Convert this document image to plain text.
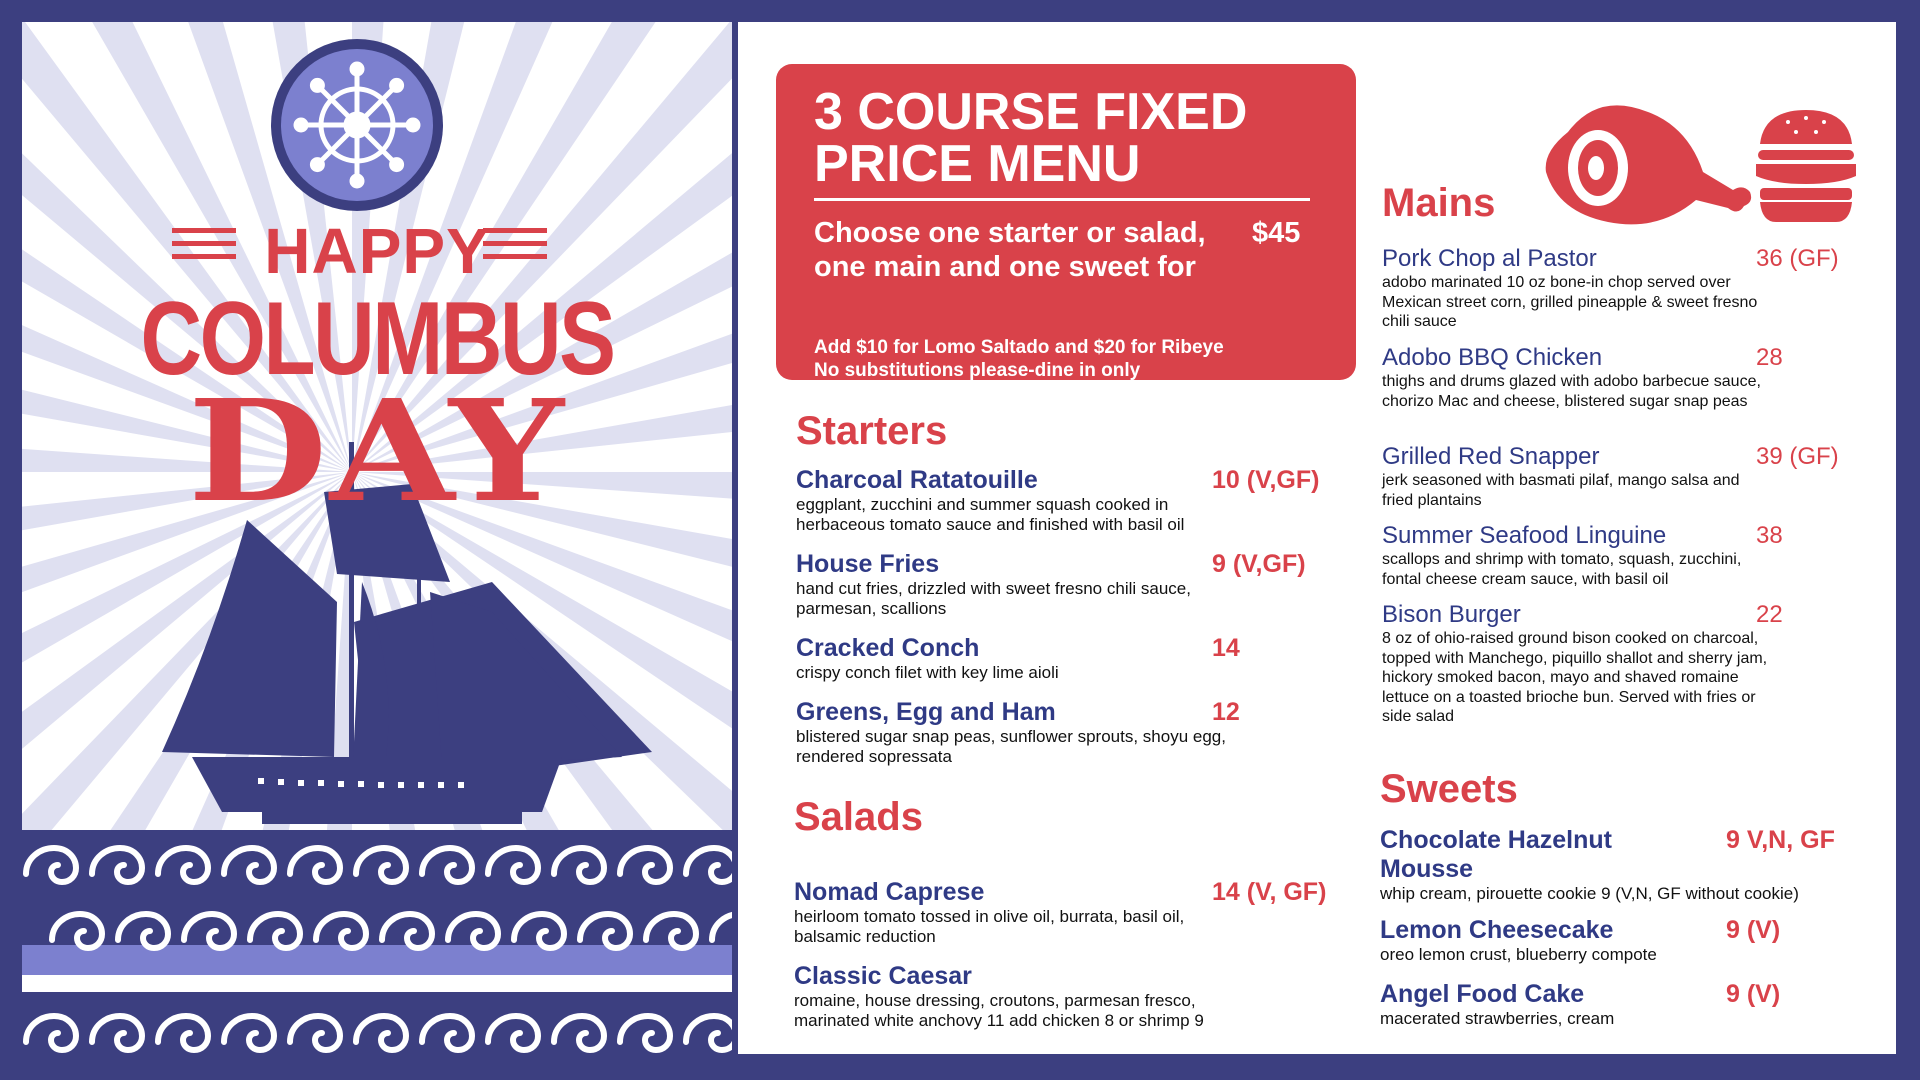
HAPPY
COLUMBUS
DAY
3 COURSE FIXED PRICE MENU
Choose one starter or salad, one main and one sweet for
$45
Add $10 for Lomo Saltado and $20 for Ribeye
No substitutions please-dine in only
Starters
Charcoal Ratatouille	10 (V,GF)
eggplant, zucchini and summer squash cooked in herbaceous tomato sauce and finished with basil oil
House Fries	9 (V,GF)
hand cut fries, drizzled with sweet fresno chili sauce, parmesan, scallions
Cracked Conch	14
crispy conch filet with key lime aioli
Greens, Egg and Ham	12
blistered sugar snap peas, sunflower sprouts, shoyu egg, rendered sopressata
Salads
Nomad Caprese	14 (V, GF)
heirloom tomato tossed in olive oil, burrata, basil oil, balsamic reduction
Classic Caesar
romaine, house dressing, croutons, parmesan fresco, marinated white anchovy 11 add chicken 8 or shrimp 9
Mains
Pork Chop al Pastor	36 (GF)
adobo marinated 10 oz bone-in chop served over Mexican street corn, grilled pineapple & sweet fresno chili sauce
Adobo BBQ Chicken	28
thighs and drums glazed with adobo barbecue sauce, chorizo Mac and cheese, blistered sugar snap peas
Grilled Red Snapper	39 (GF)
jerk seasoned with basmati pilaf, mango salsa and fried plantains
Summer Seafood Linguine	38
scallops and shrimp with tomato, squash, zucchini, fontal cheese cream sauce, with basil oil
Bison Burger	22
8 oz of ohio-raised ground bison cooked on charcoal, topped with Manchego, piquillo shallot and sherry jam, hickory smoked bacon, mayo and shaved romaine lettuce on a toasted brioche bun. Served with fries or side salad
Sweets
Chocolate Hazelnut Mousse
9 V,N, GF
whip cream, pirouette cookie 9 (V,N, GF without cookie)
Lemon Cheesecake	9 (V)
oreo lemon crust, blueberry compote
Angel Food Cake	9 (V)
macerated strawberries, cream
